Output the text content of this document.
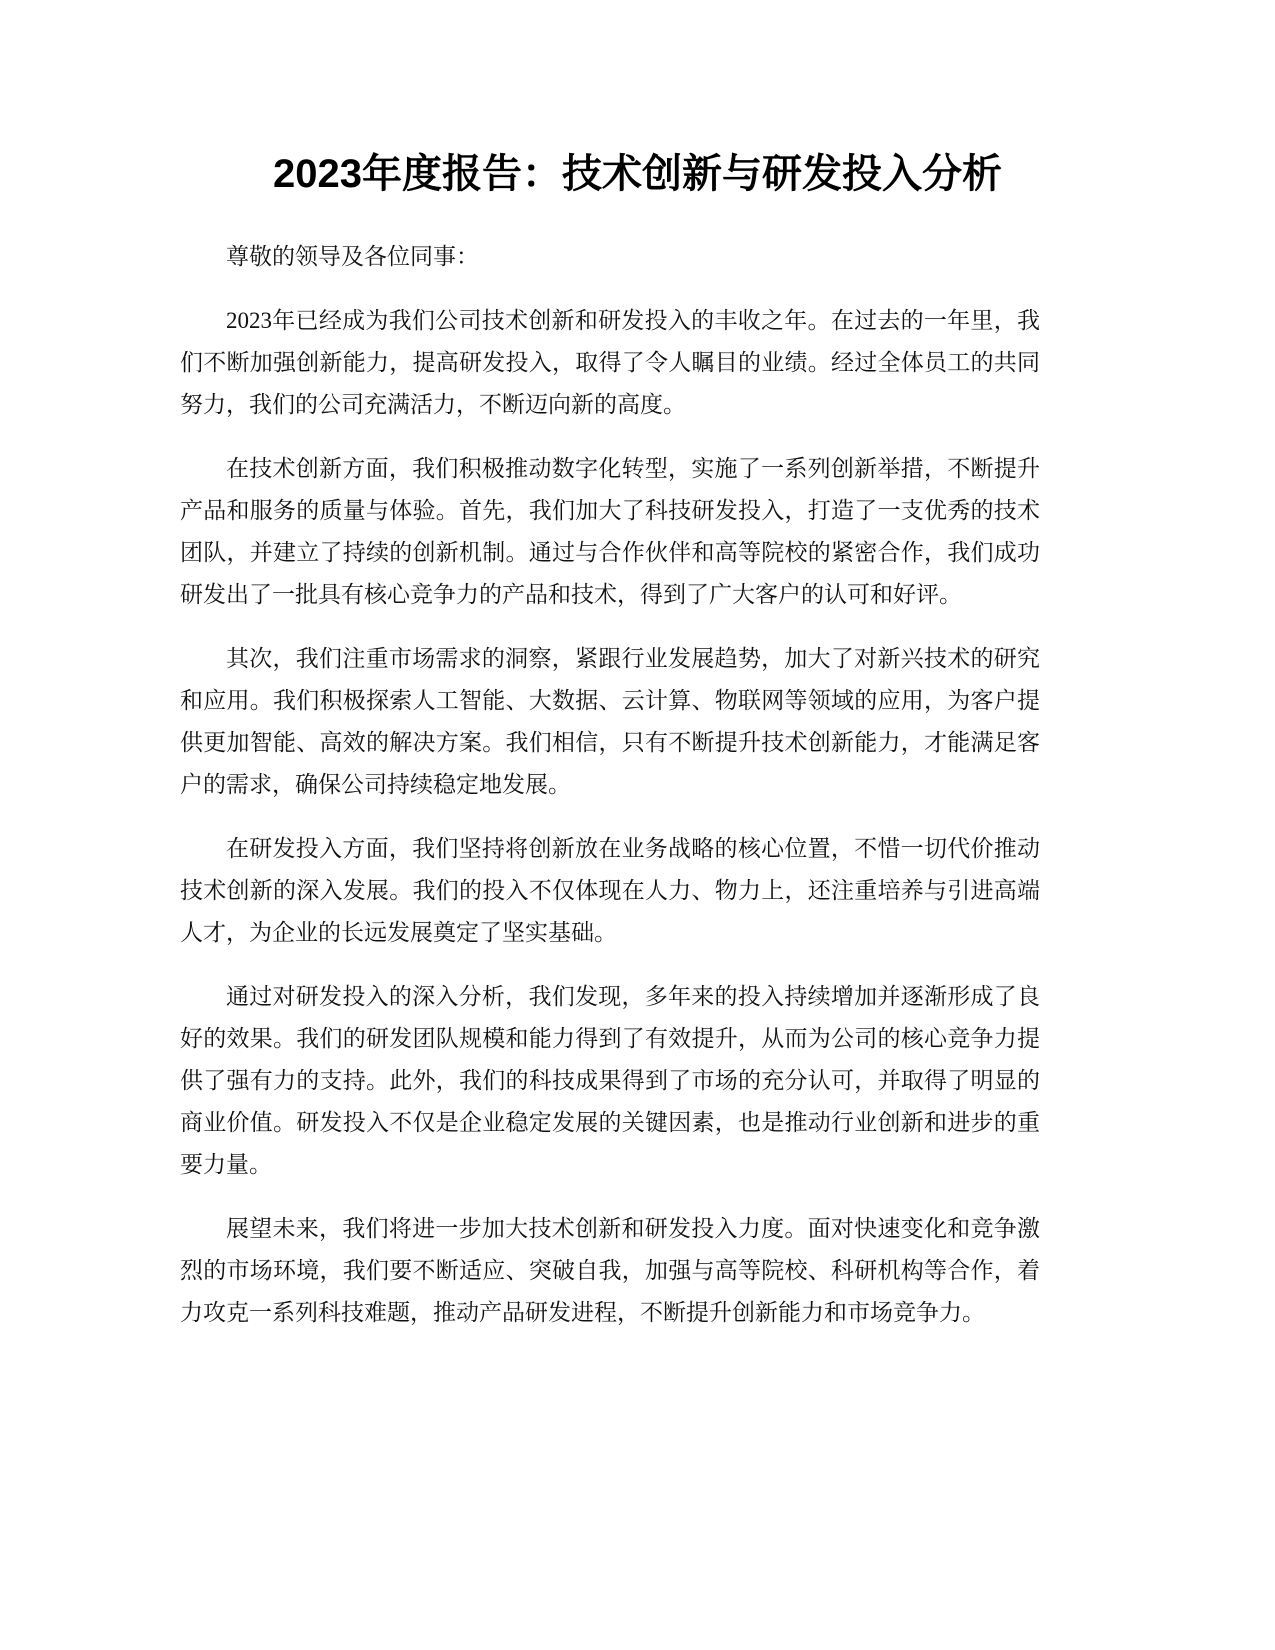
2023年度报告：技术创新与研发投入分析

尊敬的领导及各位同事：

2023年已经成为我们公司技术创新和研发投入的丰收之年。在过去的一年里，我们不断加强创新能力，提高研发投入，取得了令人瞩目的业绩。经过全体员工的共同努力，我们的公司充满活力，不断迈向新的高度。

在技术创新方面，我们积极推动数字化转型，实施了一系列创新举措，不断提升产品和服务的质量与体验。首先，我们加大了科技研发投入，打造了一支优秀的技术团队，并建立了持续的创新机制。通过与合作伙伴和高等院校的紧密合作，我们成功研发出了一批具有核心竞争力的产品和技术，得到了广大客户的认可和好评。

其次，我们注重市场需求的洞察，紧跟行业发展趋势，加大了对新兴技术的研究和应用。我们积极探索人工智能、大数据、云计算、物联网等领域的应用，为客户提供更加智能、高效的解决方案。我们相信，只有不断提升技术创新能力，才能满足客户的需求，确保公司持续稳定地发展。

在研发投入方面，我们坚持将创新放在业务战略的核心位置，不惜一切代价推动技术创新的深入发展。我们的投入不仅体现在人力、物力上，还注重培养与引进高端人才，为企业的长远发展奠定了坚实基础。

通过对研发投入的深入分析，我们发现，多年来的投入持续增加并逐渐形成了良好的效果。我们的研发团队规模和能力得到了有效提升，从而为公司的核心竞争力提供了强有力的支持。此外，我们的科技成果得到了市场的充分认可，并取得了明显的商业价值。研发投入不仅是企业稳定发展的关键因素，也是推动行业创新和进步的重要力量。

展望未来，我们将进一步加大技术创新和研发投入力度。面对快速变化和竞争激烈的市场环境，我们要不断适应、突破自我，加强与高等院校、科研机构等合作，着力攻克一系列科技难题，推动产品研发进程，不断提升创新能力和市场竞争力。
